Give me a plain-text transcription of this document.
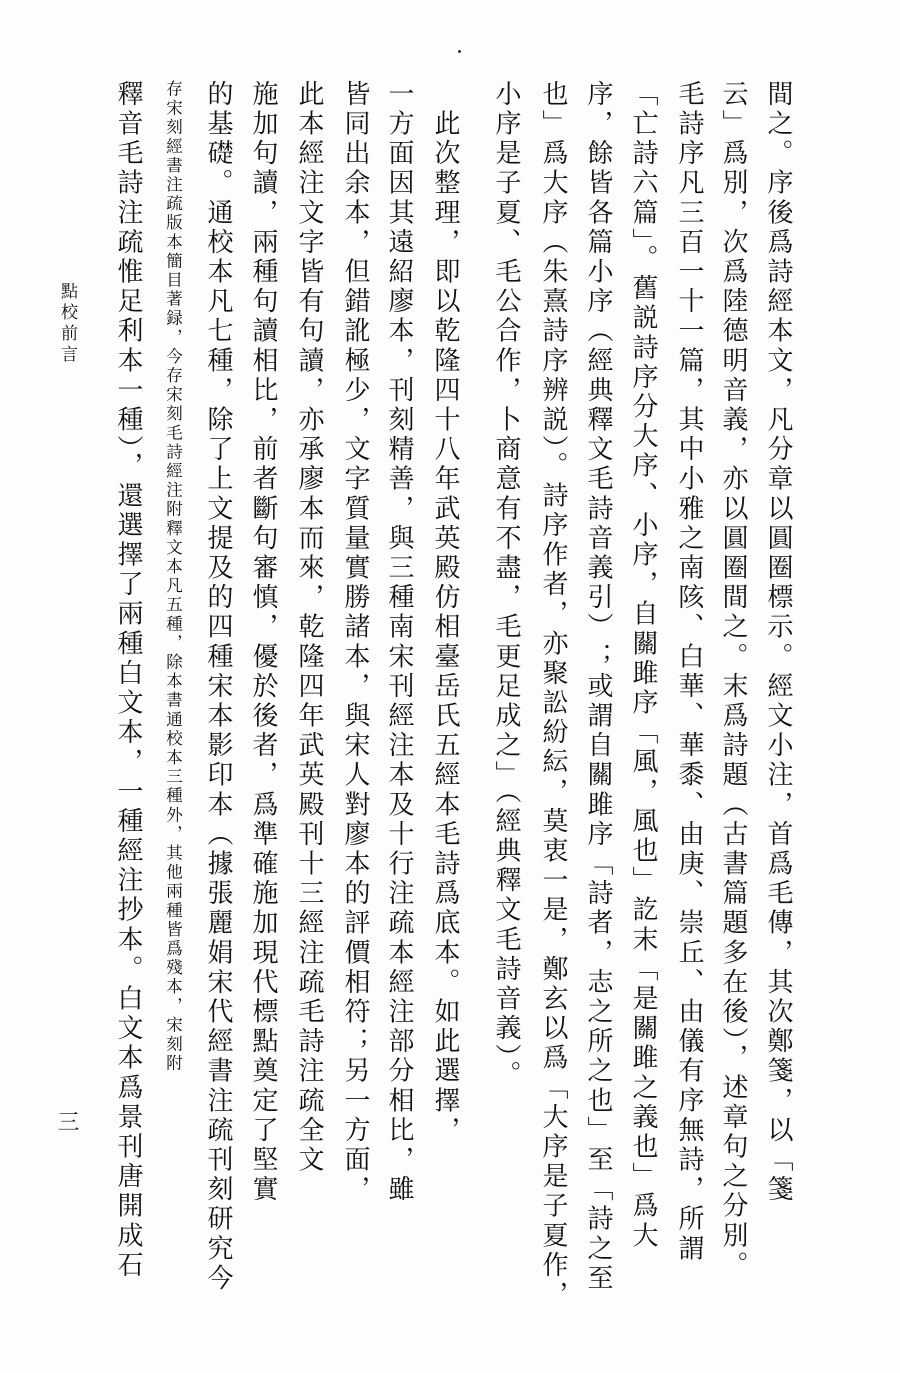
間之。序後爲詩經本文，凡分章以圓圈標示。經文小注，首爲毛傳，其次鄭箋，以「箋
云」爲別，次爲陸德明音義，亦以圓圈間之。末爲詩題（古書篇題多在後），述章句之分別。
毛詩序凡三百一十一篇，其中小雅之南陔、白華、華黍、由庚、崇丘、由儀有序無詩，所謂
「亡詩六篇」。舊説詩序分大序、小序，自關雎序「風，風也」訖末「是關雎之義也」爲大
序，餘皆各篇小序（經典釋文毛詩音義引）；或謂自關雎序「詩者，志之所之也」至「詩之至
也」爲大序（朱熹詩序辨説）。詩序作者，亦聚訟紛紜，莫衷一是，鄭玄以爲「大序是子夏作，
小序是子夏、毛公合作，卜商意有不盡，毛更足成之」（經典釋文毛詩音義）。
　此次整理，即以乾隆四十八年武英殿仿相臺岳氏五經本毛詩爲底本。如此選擇，
一方面因其遠紹廖本，刊刻精善，與三種南宋刊經注本及十行注疏本經注部分相比，雖
皆同出余本，但錯訛極少，文字質量實勝諸本，與宋人對廖本的評價相符；另一方面，
此本經注文字皆有句讀，亦承廖本而來，乾隆四年武英殿刊十三經注疏毛詩注疏全文
施加句讀，兩種句讀相比，前者斷句審慎，優於後者，爲準確施加現代標點奠定了堅實
的基礎。通校本凡七種，除了上文提及的四種宋本影印本（據張麗娟宋代經書注疏刊刻研究今
存宋刻經書注疏版本簡目著録，今存宋刻毛詩經注附釋文本凡五種，除本書通校本三種外，其他兩種皆爲殘本，宋刻附
釋音毛詩注疏惟足利本一種），還選擇了兩種白文本，一種經注抄本。白文本爲景刊唐開成石
點校前言
三
